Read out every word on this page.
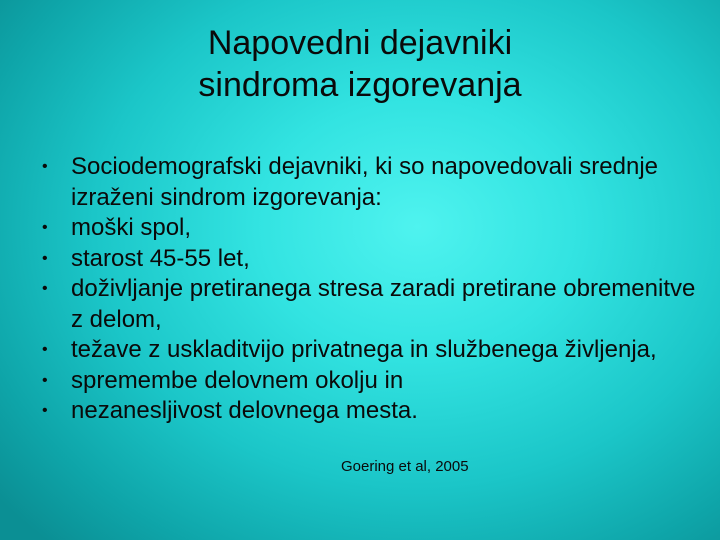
Napovedni dejavniki
sindroma izgorevanja
• Sociodemografski dejavniki, ki so napovedovali srednje izraženi sindrom izgorevanja:
• moški spol,
• starost 45-55 let,
• doživljanje pretiranega stresa zaradi pretirane obremenitve z delom,
• težave z uskladitvijo privatnega in službenega življenja,
• spremembe delovnem okolju in
• nezanesljivost delovnega mesta.
Goering et al, 2005
